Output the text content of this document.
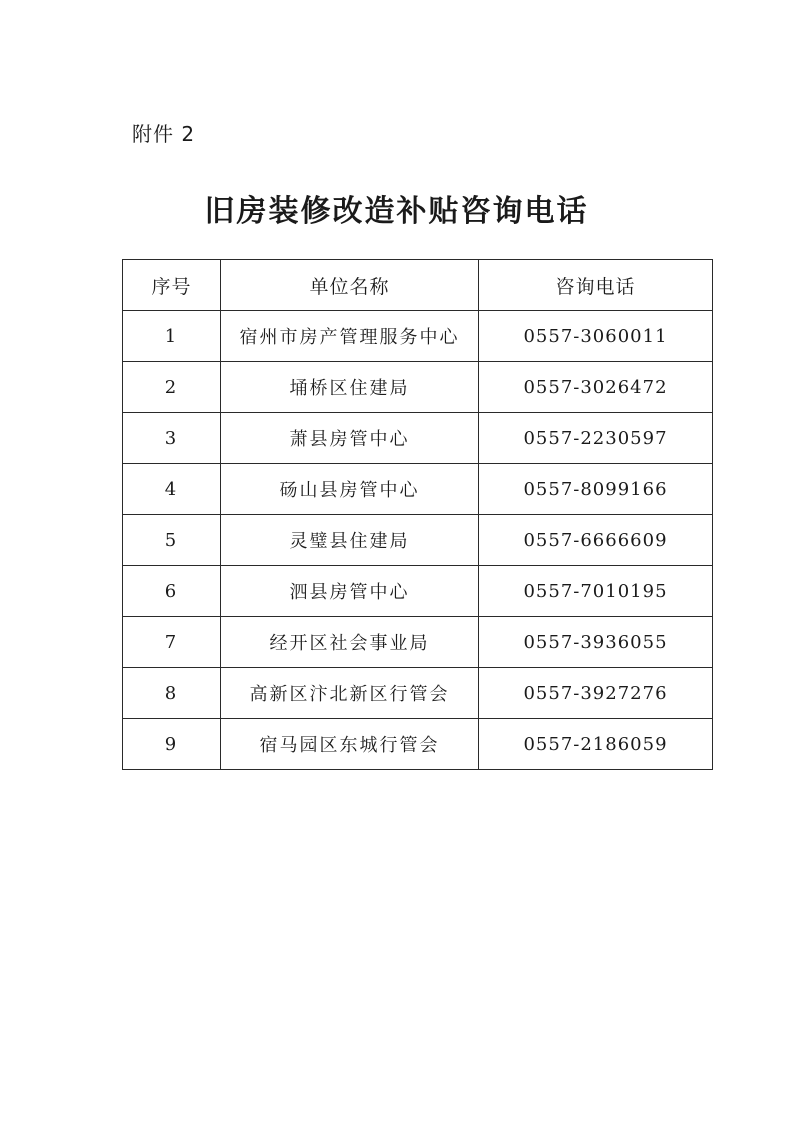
附件 2
旧房装修改造补贴咨询电话
序号	单位名称	咨询电话
1	宿州市房产管理服务中心	0557-3060011
2	埇桥区住建局	0557-3026472
3	萧县房管中心	0557-2230597
4	砀山县房管中心	0557-8099166
5	灵璧县住建局	0557-6666609
6	泗县房管中心	0557-7010195
7	经开区社会事业局	0557-3936055
8	高新区汴北新区行管会	0557-3927276
9	宿马园区东城行管会	0557-2186059
